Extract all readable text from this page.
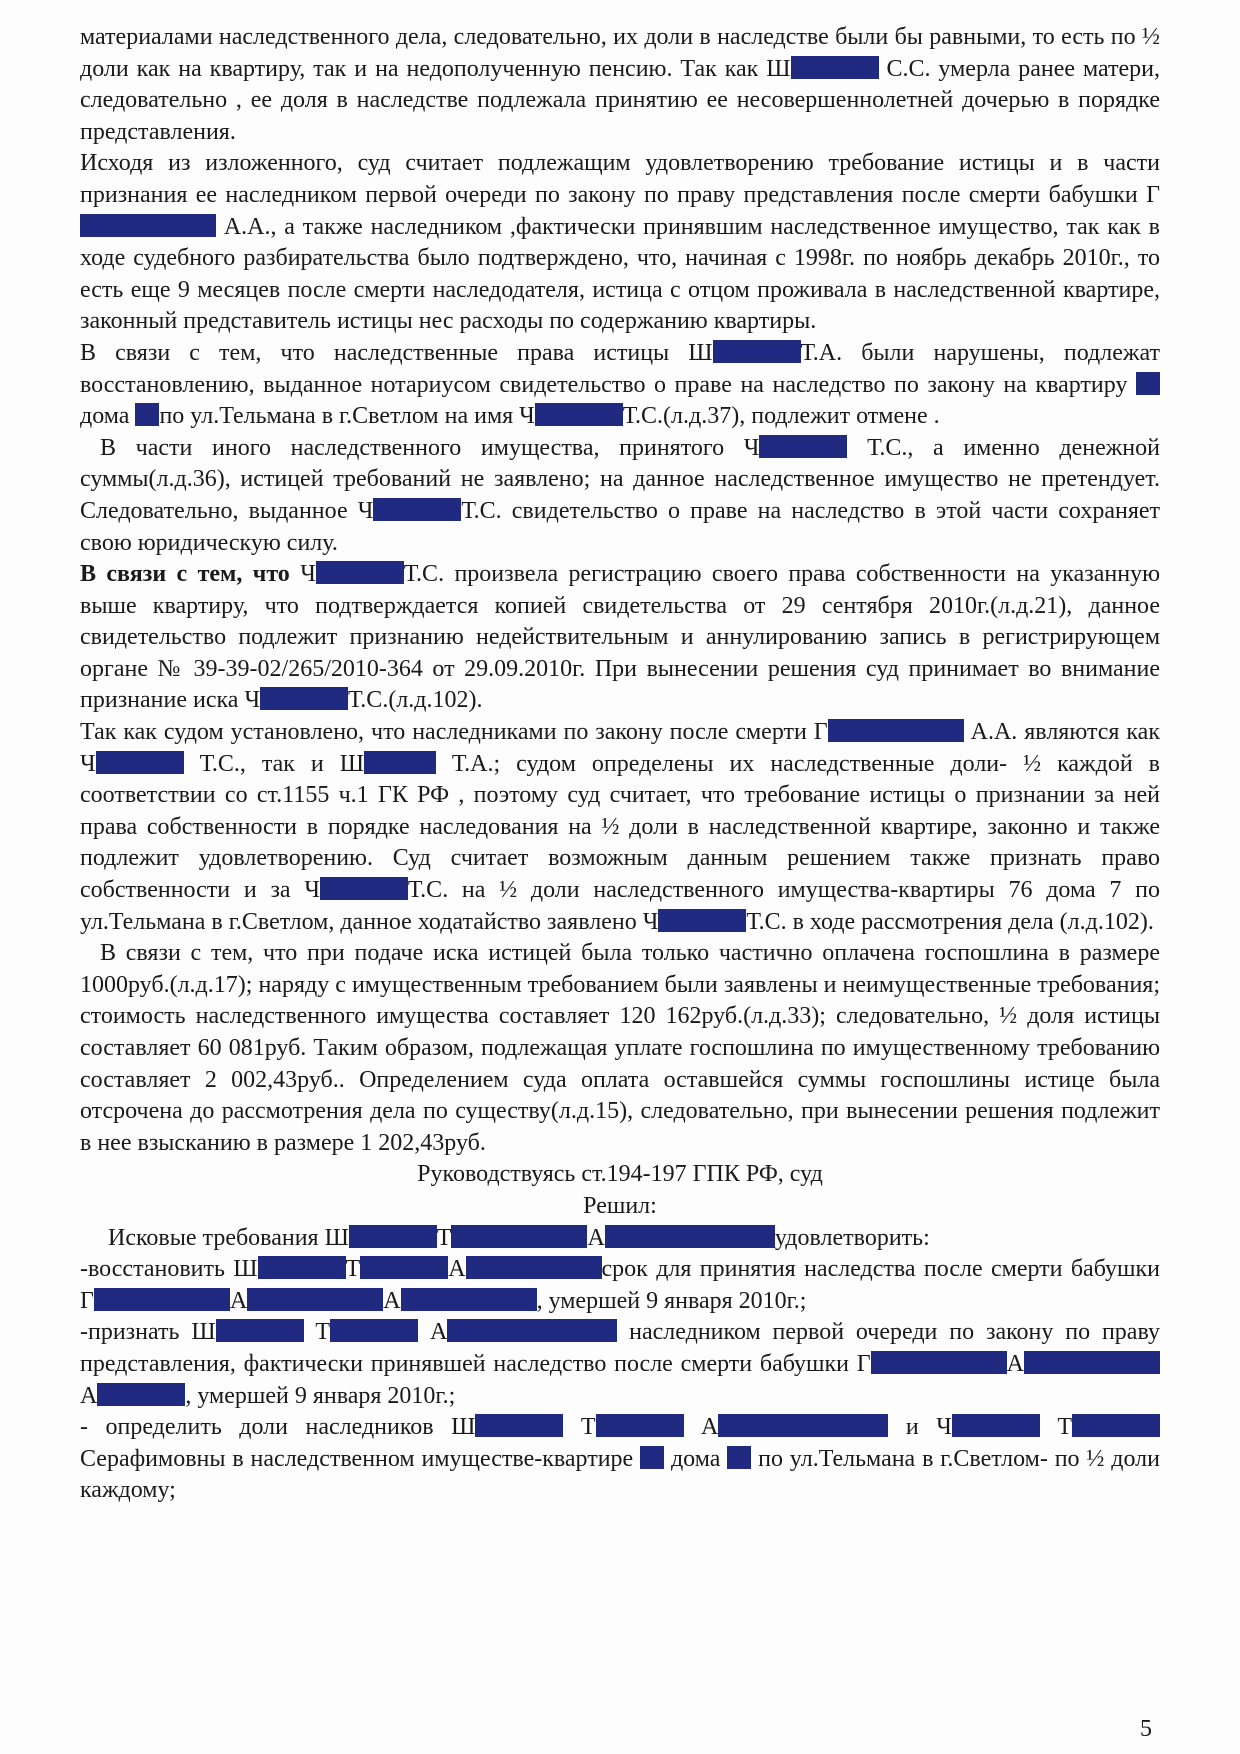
материалами наследственного дела, следовательно, их доли в наследстве были бы равными, то есть по ½ доли как на квартиру, так и на недополученную пенсию. Так как Ш	С.С. умерла ранее матери, следовательно , ее доля в наследстве подлежала принятию ее несовершеннолетней дочерью в порядке представления.

Исходя из изложенного, суд считает подлежащим удовлетворению требование истицы и в части признания ее наследником первой очереди по закону по праву представления после смерти бабушки Г А.А., а также наследником ,фактически принявшим наследственное имущество, так как в ходе судебного разбирательства было подтверждено, что, начиная с 1998г. по ноябрь декабрь 2010г., то есть еще 9 месяцев после смерти наследодателя, истица с отцом проживала в наследственной квартире, законный представитель истицы нес расходы по содержанию квартиры.

В связи с тем, что наследственные права истицы Ш	Т.А. были нарушены, подлежат восстановлению, выданное нотариусом свидетельство о праве на наследство по закону на квартиру  дома по ул.Тельмана в г.Светлом на имя Ч	Т.С.(л.д.37), подлежит отмене .

В части иного наследственного имущества, принятого Ч	Т.С., а именно денежной суммы(л.д.36), истицей требований не заявлено; на данное наследственное имущество не претендует. Следовательно, выданное Ч	Т.С. свидетельство о праве на наследство в этой части сохраняет свою юридическую силу.

В связи с тем, что Ч	Т.С. произвела регистрацию своего права собственности на указанную выше квартиру, что подтверждается копией свидетельства от 29 сентября 2010г.(л.д.21), данное свидетельство подлежит признанию недействительным и аннулированию запись в регистрирующем органе № 39-39-02/265/2010-364 от 29.09.2010г. При вынесении решения суд принимает во внимание признание иска Ч	Т.С.(л.д.102).

Так как судом установлено, что наследниками по закону после смерти Г	А.А. являются как Ч	Т.С., так и Ш	Т.А.; судом определены их наследственные доли- ½ каждой в соответствии со ст.1155 ч.1 ГК РФ , поэтому суд считает, что требование истицы о признании за ней права собственности в порядке наследования на ½ доли в наследственной квартире, законно и также подлежит удовлетворению. Суд считает возможным данным решением также признать право собственности и за Ч	Т.С. на ½ доли наследственного имущества-квартиры 76 дома 7 по ул.Тельмана в г.Светлом, данное ходатайство заявлено Ч	Т.С. в ходе рассмотрения дела (л.д.102).

В связи с тем, что при подаче иска истицей была только частично оплачена госпошлина в размере 1000руб.(л.д.17); наряду с имущественным требованием были заявлены и неимущественные требования; стоимость наследственного имущества составляет 120 162руб.(л.д.33); следовательно, ½ доля истицы составляет 60 081руб. Таким образом, подлежащая уплате госпошлина по имущественному требованию составляет 2 002,43руб.. Определением суда оплата оставшейся суммы госпошлины истице была отсрочена до рассмотрения дела по существу(л.д.15), следовательно, при вынесении решения подлежит в нее взысканию в размере 1 202,43руб.

Руководствуясь ст.194-197 ГПК РФ, суд

Решил:

Исковые требования Ш	Т	А	удовлетворить:

-восстановить Ш	Т	А	срок для принятия наследства после смерти бабушки Г	А	А	, умершей 9 января 2010г.;

-признать Ш	Т	А	наследником первой очереди по закону по праву представления, фактически принявшей наследство после смерти бабушки Г	АА	, умершей 9 января 2010г.;

- определить доли наследников Ш	Т	А	и Ч	Т Серафимовны в наследственном имуществе-квартире  дома  по ул.Тельмана в г.Светлом- по ½ доли каждому;

5
